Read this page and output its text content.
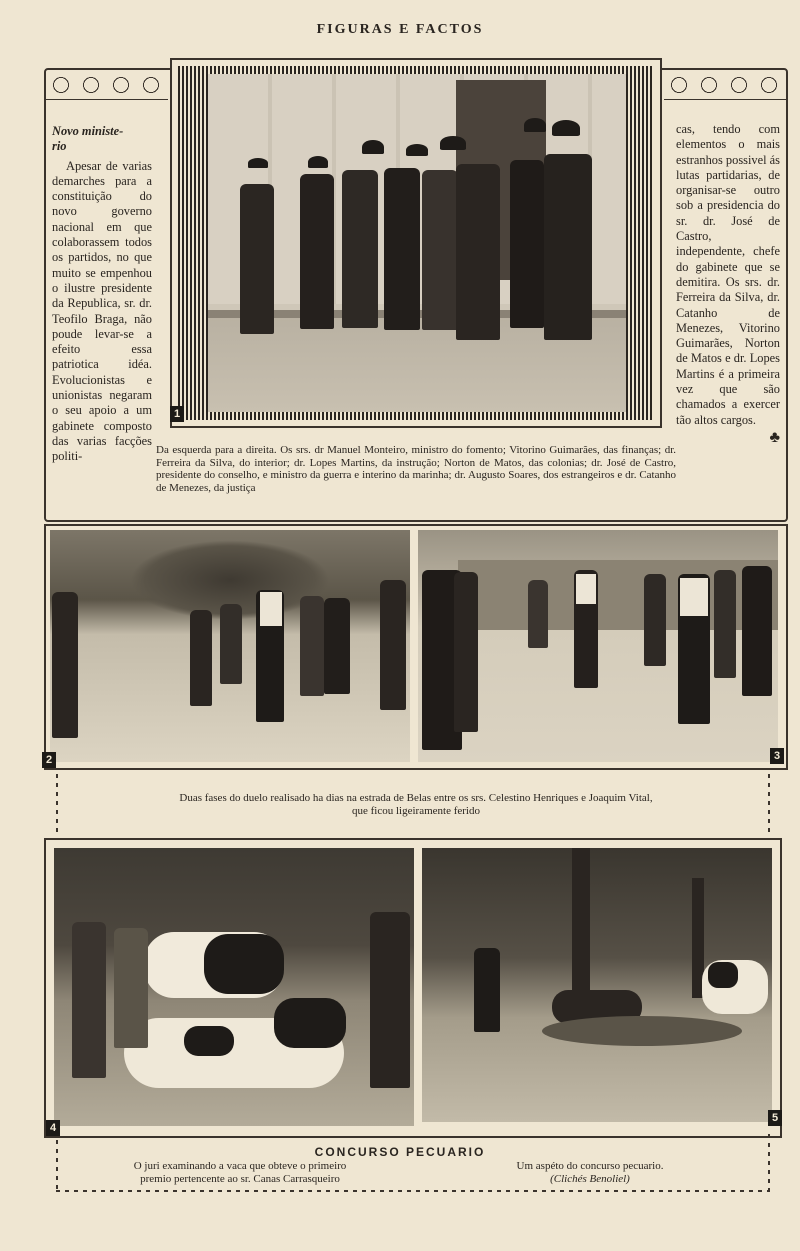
FIGURAS E FACTOS
Novo ministe-
rio

Apesar de varias demarches para a constituição do novo governo nacional em que colaborassem todos os partidos, no que muito se empenhou o ilustre presidente da Republica, sr. dr. Teofilo Braga, não poude levar-se a efeito essa patriotica idéa. Evolucionistas e unionistas negaram o seu apoio a um gabinete composto das varias facções politi-

1

cas, tendo com elementos o mais estranhos possivel ás lutas partidarias, de organisar-se outro sob a presidencia do sr. dr. José de Castro, independente, chefe do gabinete que se demitira. Os srs. dr. Ferreira da Silva, dr. Catanho de Menezes, Vitorino Guimarães, Norton de Matos e dr. Lopes Martins é a primeira vez que são chamados a exercer tão altos cargos.

♣
Da esquerda para a direita. Os srs. dr Manuel Monteiro, ministro do fomento; Vitorino Guimarães, das finanças; dr. Ferreira da Silva, do interior; dr. Lopes Martins, da instrução; Norton de Matos, das colonias; dr. José de Castro, presidente do conselho, e ministro da guerra e interino da marinha; dr. Augusto Soares, dos estrangeiros e dr. Catanho de Menezes, da justiça
2	3
Duas fases do duelo realisado ha dias na estrada de Belas entre os srs. Celestino Henriques e Joaquim Vital,
que ficou ligeiramente ferido
4
5
CONCURSO PECUARIO
O juri examinando a vaca que obteve o primeiro
premio pertencente ao sr. Canas Carrasqueiro
Um aspéto do concurso pecuario.
(Clichés Benoliel)
